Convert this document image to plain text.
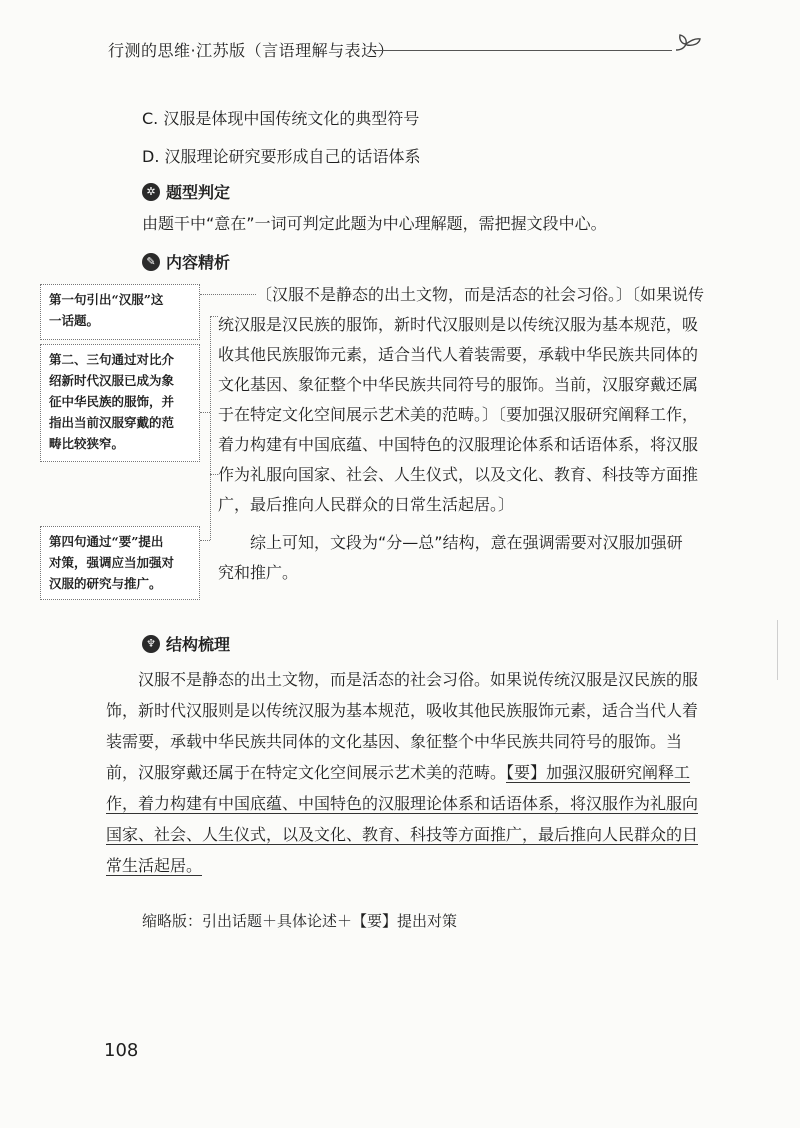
行测的思维·江苏版（言语理解与表达）
C. 汉服是体现中国传统文化的典型符号
D. 汉服理论研究要形成自己的话语体系
✲ 题型判定
由题干中“意在”一词可判定此题为中心理解题，需把握文段中心。
✎ 内容精析
第一句引出“汉服”这
一话题。
第二、三句通过对比介
绍新时代汉服已成为象
征中华民族的服饰，并
指出当前汉服穿戴的范
畴比较狭窄。
第四句通过“要”提出
对策，强调应当加强对
汉服的研究与推广。
〔汉服不是静态的出土文物，而是活态的社会习俗。〕〔如果说传
统汉服是汉民族的服饰，新时代汉服则是以传统汉服为基本规范，吸
收其他民族服饰元素，适合当代人着装需要，承载中华民族共同体的
文化基因、象征整个中华民族共同符号的服饰。当前，汉服穿戴还属
于在特定文化空间展示艺术美的范畴。〕〔要加强汉服研究阐释工作，
着力构建有中国底蕴、中国特色的汉服理论体系和话语体系，将汉服
作为礼服向国家、社会、人生仪式，以及文化、教育、科技等方面推
广，最后推向人民群众的日常生活起居。〕
综上可知，文段为“分—总”结构，意在强调需要对汉服加强研
究和推广。
♆ 结构梳理
汉服不是静态的出土文物，而是活态的社会习俗。如果说传统汉服是汉民族的服
饰，新时代汉服则是以传统汉服为基本规范，吸收其他民族服饰元素，适合当代人着
装需要，承载中华民族共同体的文化基因、象征整个中华民族共同符号的服饰。当
前，汉服穿戴还属于在特定文化空间展示艺术美的范畴。【要】加强汉服研究阐释工
作，着力构建有中国底蕴、中国特色的汉服理论体系和话语体系，将汉服作为礼服向
国家、社会、人生仪式，以及文化、教育、科技等方面推广，最后推向人民群众的日
常生活起居。
缩略版：引出话题＋具体论述＋【要】提出对策
108
